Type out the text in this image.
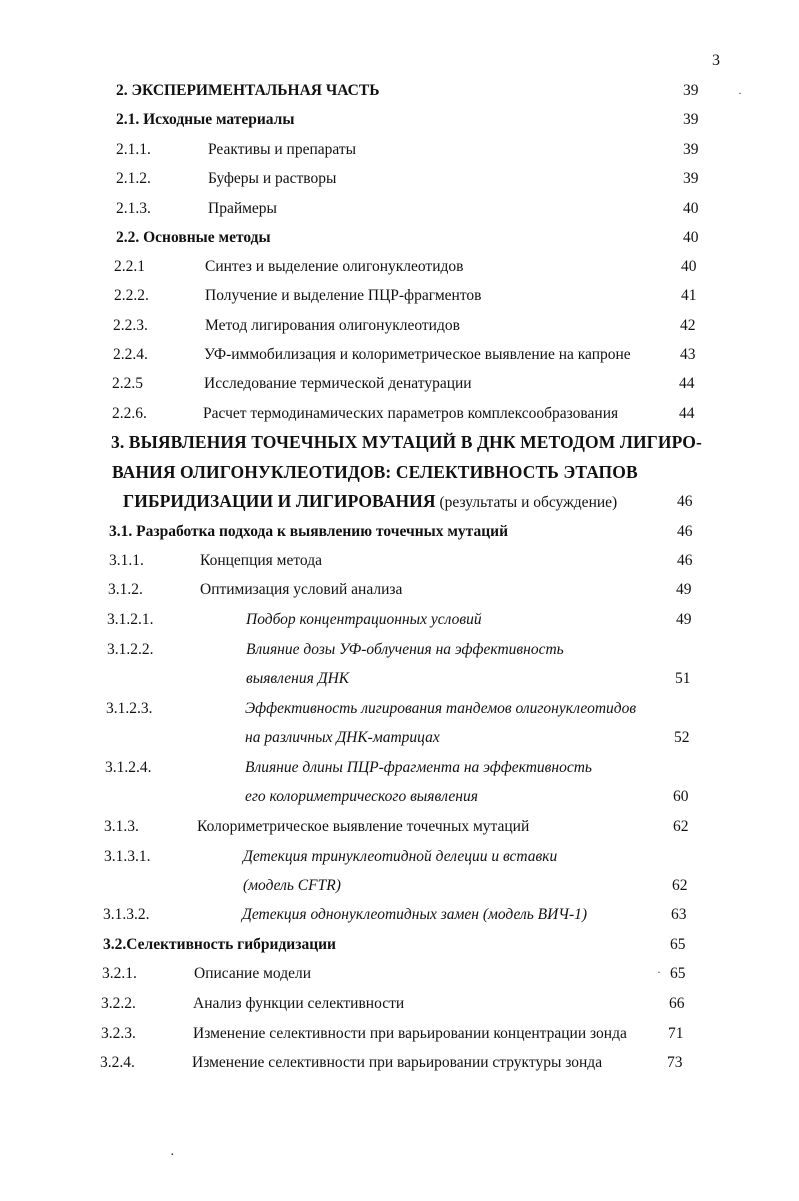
3
2. ЭКСПЕРИМЕНТАЛЬНАЯ ЧАСТЬ	39
2.1. Исходные материалы	39
2.1.1.	Реактивы и препараты	39
2.1.2.	Буферы и растворы	39
2.1.3.	Праймеры	40
2.2. Основные методы	40
2.2.1	Синтез и выделение олигонуклеотидов	40
2.2.2.	Получение и выделение ПЦР-фрагментов	41
2.2.3.	Метод лигирования олигонуклеотидов	42
2.2.4.	УФ-иммобилизация и колориметрическое выявление на капроне	43
2.2.5	Исследование термической денатурации	44
2.2.6.	Расчет термодинамических параметров комплексообразования	44
3. ВЫЯВЛЕНИЯ ТОЧЕЧНЫХ МУТАЦИЙ В ДНК МЕТОДОМ ЛИГИРО-
ВАНИЯ ОЛИГОНУКЛЕОТИДОВ: СЕЛЕКТИВНОСТЬ ЭТАПОВ
ГИБРИДИЗАЦИИ И ЛИГИРОВАНИЯ (результаты и обсуждение)	46
3.1. Разработка подхода к выявлению точечных мутаций	46
3.1.1.	Концепция метода	46
3.1.2.	Оптимизация условий анализа	49
3.1.2.1.	Подбор концентрационных условий	49
3.1.2.2.	Влияние дозы УФ-облучения на эффективность
выявления ДНК	51
3.1.2.3.	Эффективность лигирования тандемов олигонуклеотидов
на различных ДНК-матрицах	52
3.1.2.4.	Влияние длины ПЦР-фрагмента на эффективность
его колориметрического выявления	60
3.1.3.	Колориметрическое выявление точечных мутаций	62
3.1.3.1.	Детекция тринуклеотидной делеции и вставки
(модель CFTR)	62
3.1.3.2.	Детекция однонуклеотидных замен (модель ВИЧ-1)	63
3.2.Селективность гибридизации	65
3.2.1.	Описание модели	65
3.2.2.	Анализ функции селективности	66
3.2.3.	Изменение селективности при варьировании концентрации зонда	71
3.2.4.	Изменение селективности при варьировании структуры зонда	73
·
·
·
